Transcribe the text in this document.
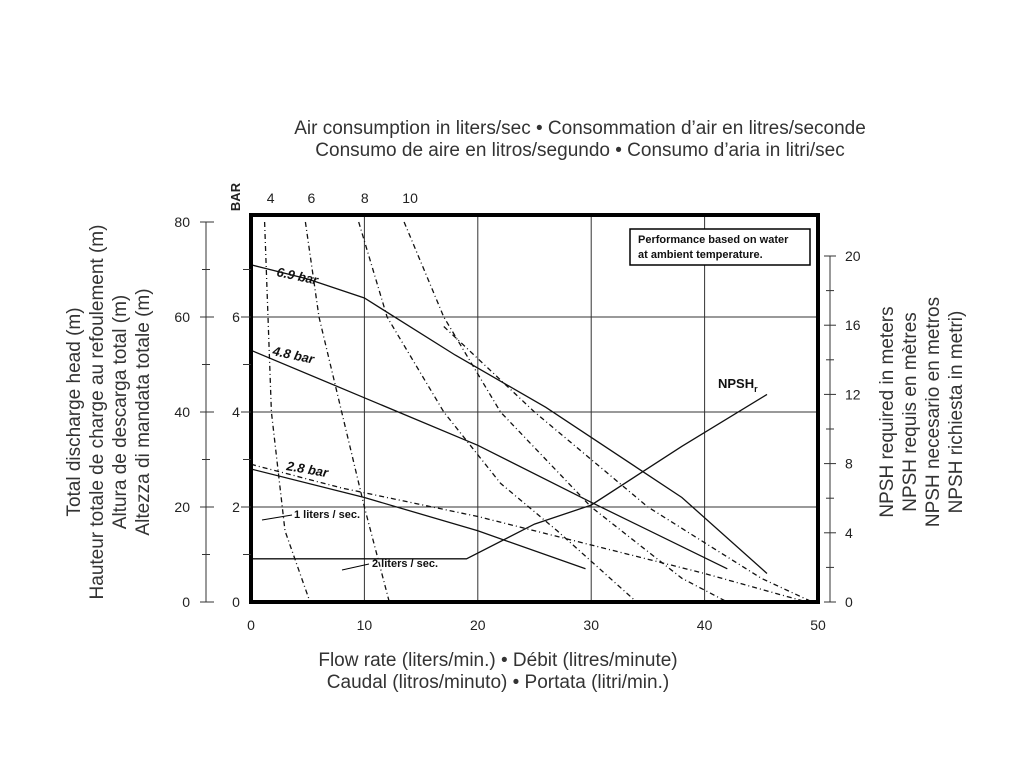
Air consumption in liters/sec • Consommation d’air en litres/seconde
Consumo de aire en litros/segundo • Consumo d’aria in litri/sec
0
20
40
60
80
0
2
4
6
0	10	20	30	40	50
0
4
8
12
16
20
4 6	8 10
BAR
Total discharge head (m) Hauteur totale de charge au refoulement (m) Altura de descarga total (m) Altezza di mandata totale (m)	NPSH required in meters NPSH requis en mètres NPSH necesario en metros NPSH richiesta in metri)
Performance based on water
at ambient temperature.
6.9 bar
4.8 bar
2.8 bar
1 liters / sec.
2 liters / sec.
$NPSH_r$
Flow rate (liters/min.) • Débit (litres/minute)
Caudal (litros/minuto) • Portata (litri/min.)
